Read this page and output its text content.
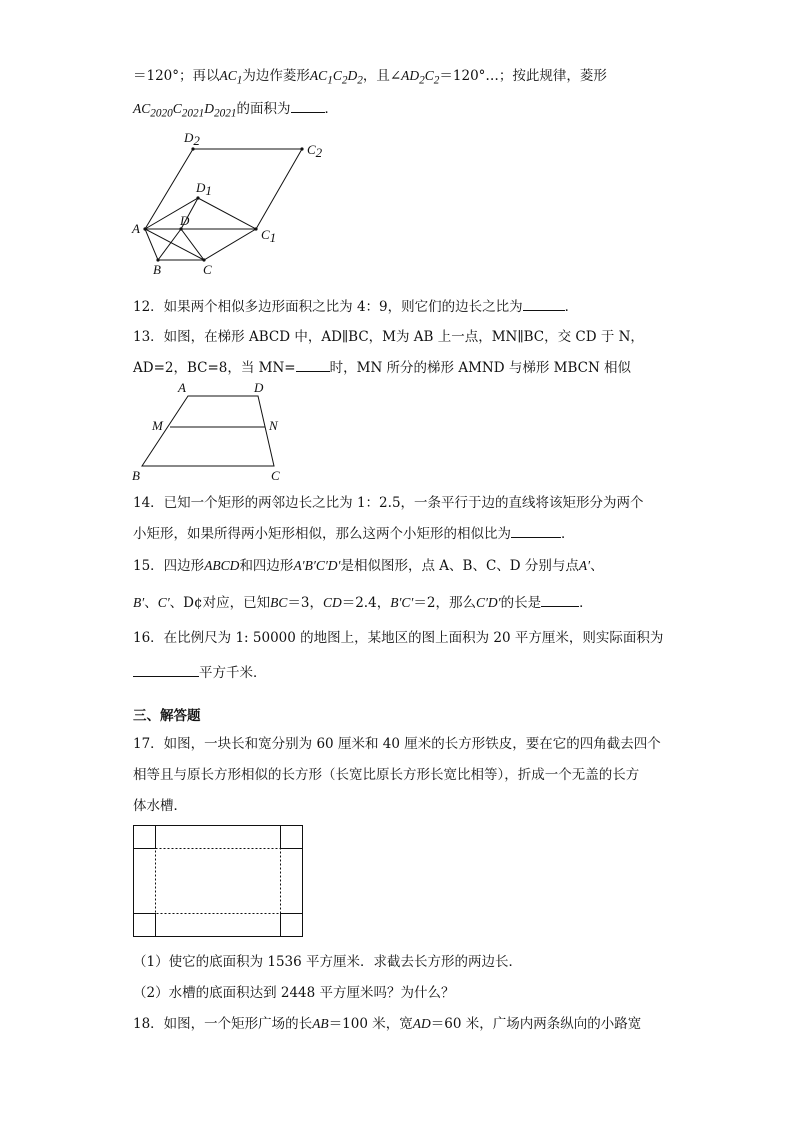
＝120°；再以$AC_1$为边作菱形$AC_1C_2D_2$，且$\angle AD_2C_2=120^\circ\dots$；按此规律，菱形
$AC_{2020}C_{2021}D_{2021}$的面积为	．
D2
C2
D1
A
D
C1
B	C
12．如果两个相似多边形面积之比为 4：9，则它们的边长之比为	．
13．如图，在梯形 ABCD 中，AD∥BC，M为 AB 上一点，MN∥BC，交 CD 于 N，
AD=2，BC=8，当 MN=	时，MN 所分的梯形 AMND 与梯形 MBCN 相似
A	D
M	N
B	C
14．已知一个矩形的两邻边长之比为 1：2.5，一条平行于边的直线将该矩形分为两个
小矩形，如果所得两小矩形相似，那么这两个小矩形的相似比为	．
15．四边形ABCD和四边形A′B′C′D′是相似图形，点 A、B、C、D 分别与点A′、
B′、C′、D¢对应，已知BC＝3，CD＝2.4，B′C′＝2，那么C′D′的长是	．
16．在比例尺为 1: 50000 的地图上，某地区的图上面积为 20 平方厘米，则实际面积为
平方千米．
三、解答题
17．如图，一块长和宽分别为 60 厘米和 40 厘米的长方形铁皮，要在它的四角截去四个
相等且与原长方形相似的长方形（长宽比原长方形长宽比相等），折成一个无盖的长方
体水槽．
（1）使它的底面积为 1536 平方厘米．求截去长方形的两边长．
（2）水槽的底面积达到 2448 平方厘米吗？为什么？
18．如图，一个矩形广场的长AB＝100 米，宽AD＝60 米，广场内两条纵向的小路宽
